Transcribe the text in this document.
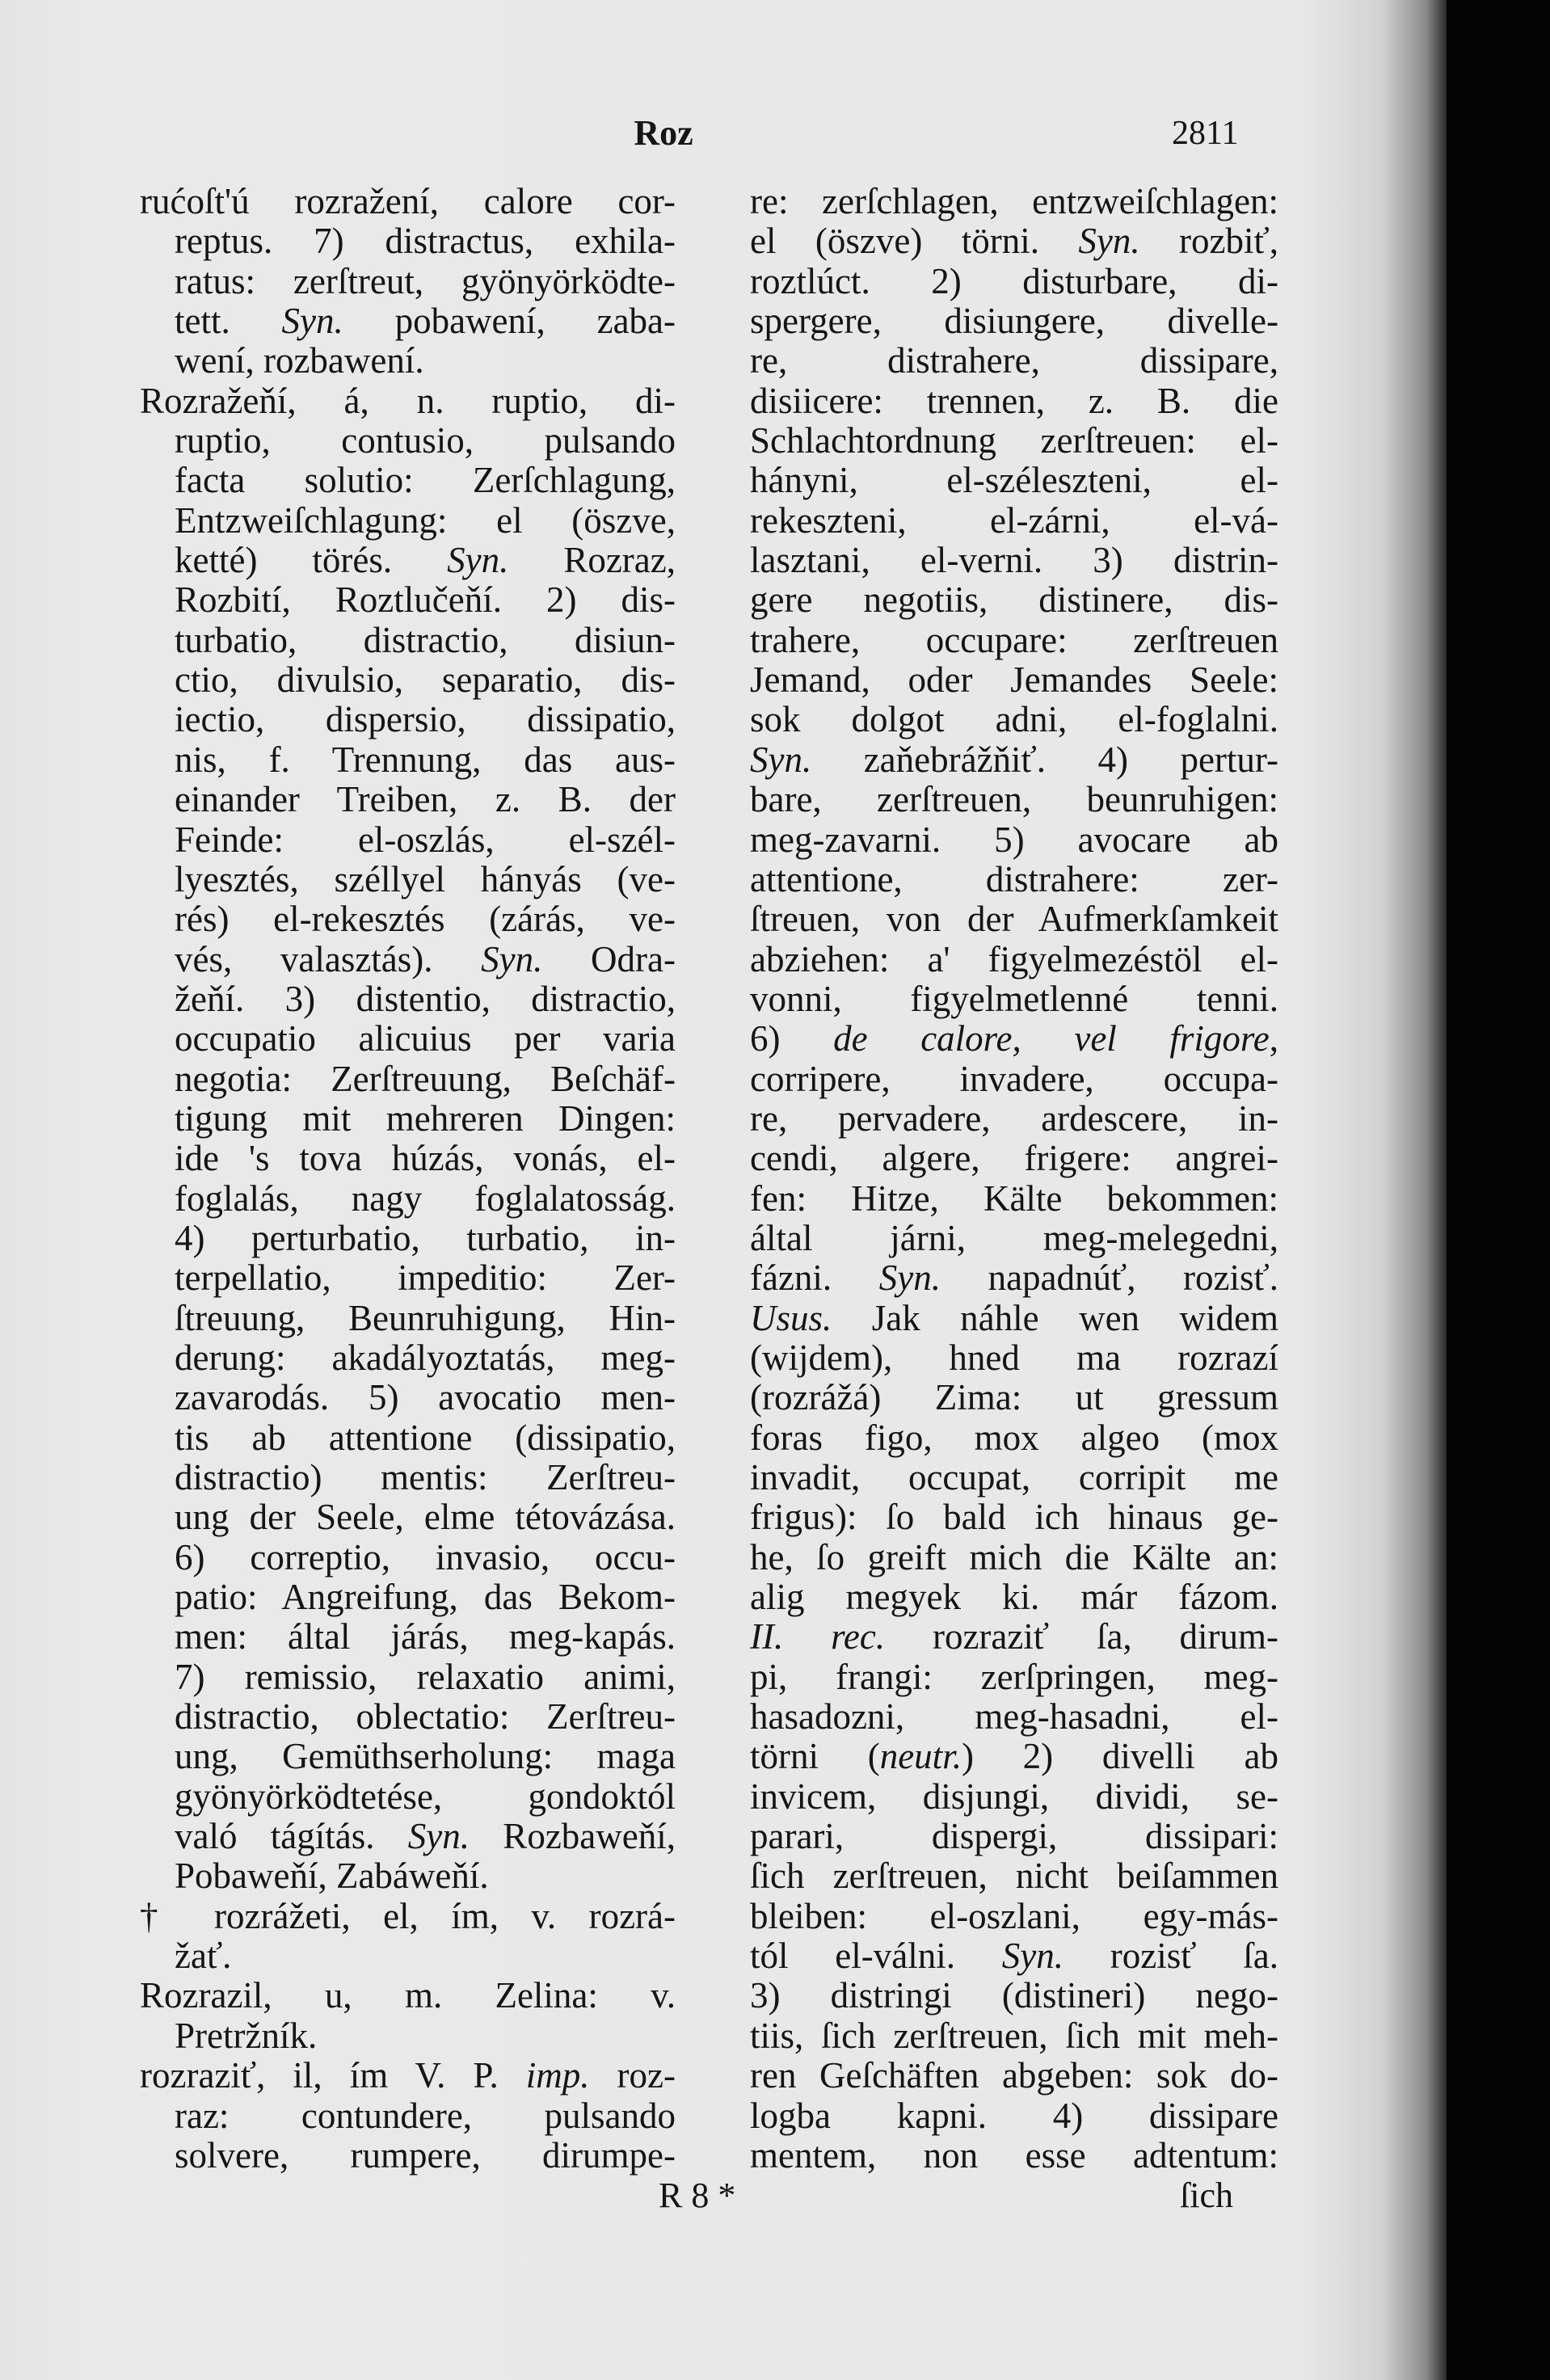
Roz	2811
rućoſt'ú rozražení, calore cor-
reptus. 7) distractus, exhila-
ratus: zerſtreut, gyönyörködte-
tett. Syn. pobawení, zaba-
wení, rozbawení.
Rozražeňí, á, n. ruptio, di-
ruptio, contusio, pulsando
facta solutio: Zerſchlagung,
Entzweiſchlagung: el (öszve,
ketté) törés. Syn. Rozraz,
Rozbití, Roztlučeňí. 2) dis-
turbatio, distractio, disiun-
ctio, divulsio, separatio, dis-
iectio, dispersio, dissipatio,
nis, f. Trennung, das aus-
einander Treiben, z. B. der
Feinde: el-oszlás, el-szél-
lyesztés, széllyel hányás (ve-
rés) el-rekesztés (zárás, ve-
vés, valasztás). Syn. Odra-
žeňí. 3) distentio, distractio,
occupatio alicuius per varia
negotia: Zerſtreuung, Beſchäf-
tigung mit mehreren Dingen:
ide 's tova húzás, vonás, el-
foglalás, nagy foglalatosság.
4) perturbatio, turbatio, in-
terpellatio, impeditio: Zer-
ſtreuung, Beunruhigung, Hin-
derung: akadályoztatás, meg-
zavarodás. 5) avocatio men-
tis ab attentione (dissipatio,
distractio) mentis: Zerſtreu-
ung der Seele, elme tétovázása.
6) correptio, invasio, occu-
patio: Angreifung, das Bekom-
men: által járás, meg-kapás.
7) remissio, relaxatio animi,
distractio, oblectatio: Zerſtreu-
ung, Gemüthserholung: maga
gyönyörködtetése, gondoktól
való tágítás. Syn. Rozbaweňí,
Pobaweňí, Zabáweňí.
† rozrážeti, el, ím, v. rozrá-
žať.
Rozrazil, u, m. Zelina: v.
Pretržník.
rozraziť, il, ím V. P. imp. roz-
raz: contundere, pulsando
solvere, rumpere, dirumpe-
re: zerſchlagen, entzweiſchlagen:
el (öszve) törni. Syn. rozbiť,
roztlúct. 2) disturbare, di-
spergere, disiungere, divelle-
re, distrahere, dissipare,
disiicere: trennen, z. B. die
Schlachtordnung zerſtreuen: el-
hányni, el-széleszteni, el-
rekeszteni, el-zárni, el-vá-
lasztani, el-verni. 3) distrin-
gere negotiis, distinere, dis-
trahere, occupare: zerſtreuen
Jemand, oder Jemandes Seele:
sok dolgot adni, el-foglalni.
Syn. zaňebrážňiť. 4) pertur-
bare, zerſtreuen, beunruhigen:
meg-zavarni. 5) avocare ab
attentione, distrahere: zer-
ſtreuen, von der Aufmerkſamkeit
abziehen: a' figyelmezéstöl el-
vonni, figyelmetlenné tenni.
6) de calore, vel frigore,
corripere, invadere, occupa-
re, pervadere, ardescere, in-
cendi, algere, frigere: angrei-
fen: Hitze, Kälte bekommen:
által járni, meg-melegedni,
fázni. Syn. napadnúť, rozisť.
Usus. Jak náhle wen widem
(wijdem), hned ma rozrazí
(rozrážá) Zima: ut gressum
foras figo, mox algeo (mox
invadit, occupat, corripit me
frigus): ſo bald ich hinaus ge-
he, ſo greift mich die Kälte an:
alig megyek ki. már fázom.
II. rec. rozraziť ſa, dirum-
pi, frangi: zerſpringen, meg-
hasadozni, meg-hasadni, el-
törni (neutr.) 2) divelli ab
invicem, disjungi, dividi, se-
parari, dispergi, dissipari:
ſich zerſtreuen, nicht beiſammen
bleiben: el-oszlani, egy-más-
tól el-válni. Syn. rozisť ſa.
3) distringi (distineri) nego-
tiis, ſich zerſtreuen, ſich mit meh-
ren Geſchäften abgeben: sok do-
logba kapni. 4) dissipare
mentem, non esse adtentum:
R 8 *	ſich
